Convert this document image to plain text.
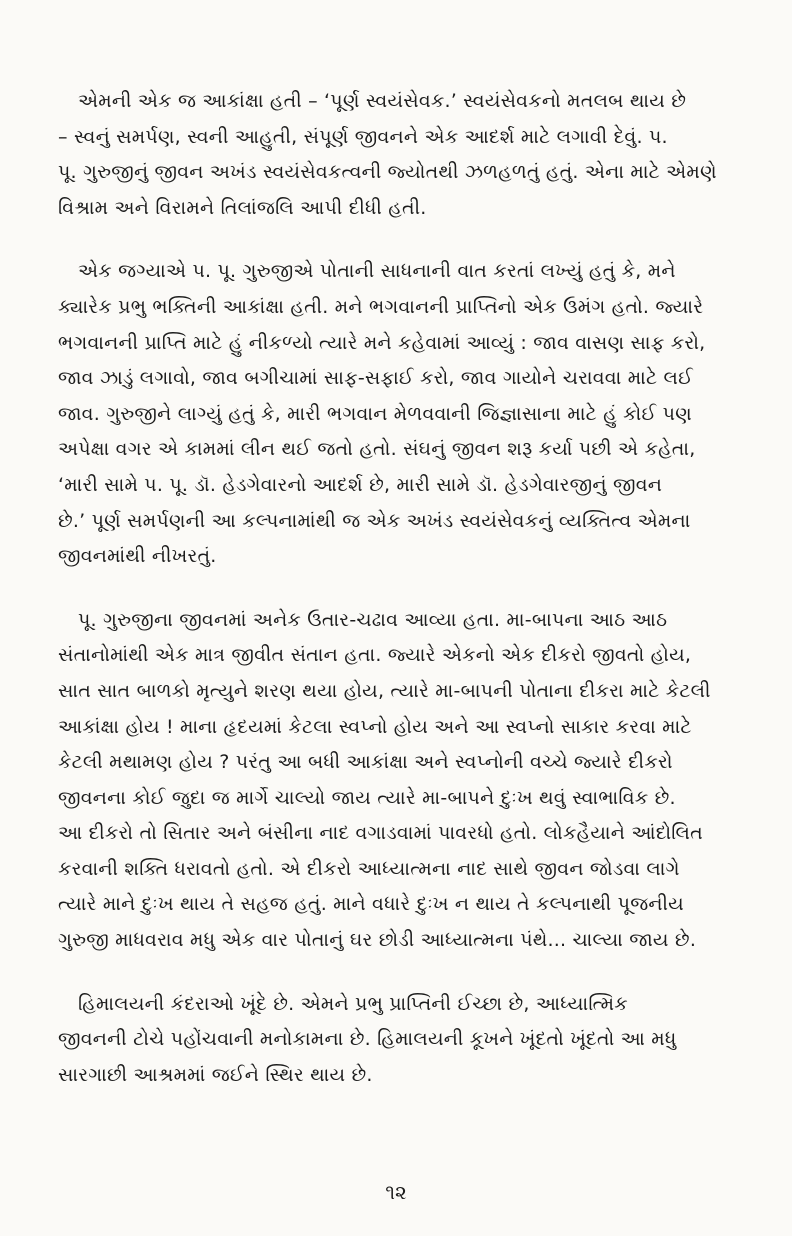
એમની એક જ આકાંક્ષા હતી – ‘પૂર્ણ સ્વયંસેવક.’ સ્વયંસેવકનો મતલબ થાય છે
– સ્વનું સમર્પણ, સ્વની આહુતી, સંપૂર્ણ જીવનને એક આદર્શ માટે લગાવી દેવું. પ.
પૂ. ગુરુજીનું જીવન અખંડ સ્વયંસેવકત્વની જ્યોતથી ઝળહળતું હતું. એના માટે એમણે
વિશ્રામ અને વિરામને તિલાંજલિ આપી દીધી હતી.
એક જગ્યાએ પ. પૂ. ગુરુજીએ પોતાની સાધનાની વાત કરતાં લખ્યું હતું કે, મને
ક્યારેક પ્રભુ ભક્તિની આકાંક્ષા હતી. મને ભગવાનની પ્રાપ્તિનો એક ઉમંગ હતો. જ્યારે
ભગવાનની પ્રાપ્તિ માટે હું નીકળ્યો ત્યારે મને કહેવામાં આવ્યું : જાવ વાસણ સાફ કરો,
જાવ ઝાડું લગાવો, જાવ બગીચામાં સાફ-સફાઈ કરો, જાવ ગાયોને ચરાવવા માટે લઈ
જાવ. ગુરુજીને લાગ્યું હતું કે, મારી ભગવાન મેળવવાની જિજ્ઞાસાના માટે હું કોઈ પણ
અપેક્ષા વગર એ કામમાં લીન થઈ જતો હતો. સંઘનું જીવન શરૂ કર્યા પછી એ કહેતા,
‘મારી સામે પ. પૂ. ડૉ. હેડગેવારનો આદર્શ છે, મારી સામે ડૉ. હેડગેવારજીનું જીવન
છે.’ પૂર્ણ સમર્પણની આ કલ્પનામાંથી જ એક અખંડ સ્વયંસેવકનું વ્યક્તિત્વ એમના
જીવનમાંથી નીખરતું.
પૂ. ગુરુજીના જીવનમાં અનેક ઉતાર-ચઢાવ આવ્યા હતા. મા-બાપના આઠ આઠ
સંતાનોમાંથી એક માત્ર જીવીત સંતાન હતા. જ્યારે એકનો એક દીકરો જીવતો હોય,
સાત સાત બાળકો મૃત્યુને શરણ થયા હોય, ત્યારે મા-બાપની પોતાના દીકરા માટે કેટલી
આકાંક્ષા હોય ! માના હૃદયમાં કેટલા સ્વપ્નો હોય અને આ સ્વપ્નો સાકાર કરવા માટે
કેટલી મથામણ હોય ? પરંતુ આ બધી આકાંક્ષા અને સ્વપ્નોની વચ્ચે જ્યારે દીકરો
જીવનના કોઈ જુદા જ માર્ગે ચાલ્યો જાય ત્યારે મા-બાપને દુઃખ થવું સ્વાભાવિક છે.
આ દીકરો તો સિતાર અને બંસીના નાદ વગાડવામાં પાવરધો હતો. લોકહૈયાને આંદોલિત
કરવાની શક્તિ ધરાવતો હતો. એ દીકરો આધ્યાત્મના નાદ સાથે જીવન જોડવા લાગે
ત્યારે માને દુઃખ થાય તે સહજ હતું. માને વધારે દુઃખ ન થાય તે કલ્પનાથી પૂજનીય
ગુરુજી માધવરાવ મધુ એક વાર પોતાનું ઘર છોડી આધ્યાત્મના પંથે... ચાલ્યા જાય છે.
હિમાલયની કંદરાઓ ખૂંદે છે. એમને પ્રભુ પ્રાપ્તિની ઈચ્છા છે, આધ્યાત્મિક
જીવનની ટોચે પહોંચવાની મનોકામના છે. હિમાલયની કૂખને ખૂંદતો ખૂંદતો આ મધુ
સારગાછી આશ્રમમાં જઈને સ્થિર થાય છે.
૧૨
